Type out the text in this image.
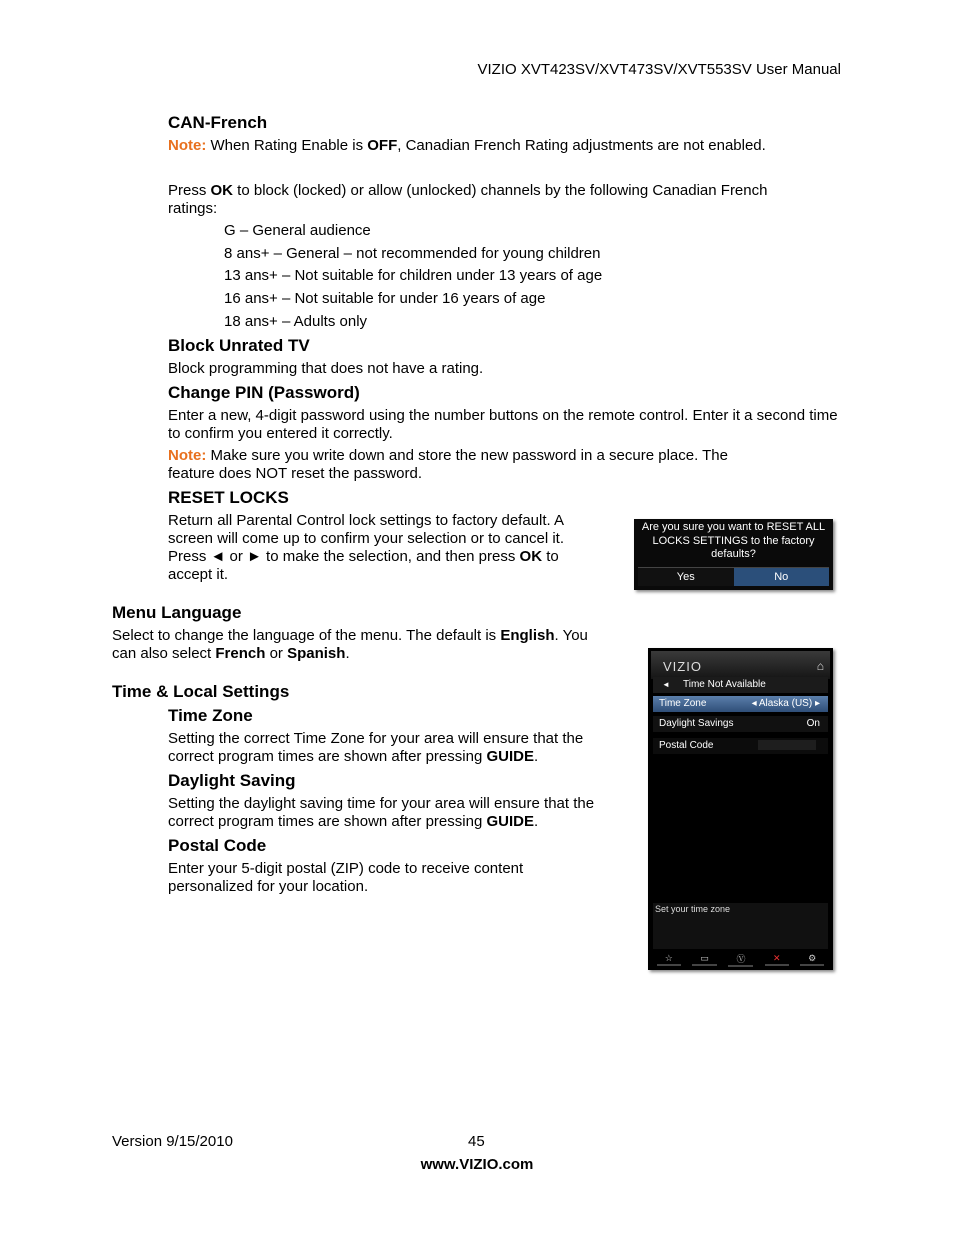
VIZIO XVT423SV/XVT473SV/XVT553SV User Manual
CAN-French

Note: When Rating Enable is OFF, Canadian French Rating adjustments are not enabled.

Press OK to block (locked) or allow (unlocked) channels by the following Canadian French ratings:

G – General audience
8 ans+ – General – not recommended for young children
13 ans+ – Not suitable for children under 13 years of age
16 ans+ – Not suitable for under 16 years of age
18 ans+ – Adults only
Block Unrated TV

Block programming that does not have a rating.

Change PIN (Password)

Enter a new, 4-digit password using the number buttons on the remote control. Enter it a second time to confirm you entered it correctly.

Note: Make sure you write down and store the new password in a secure place. The feature does NOT reset the password.

RESET LOCKS

Return all Parental Control lock settings to factory default. A screen will come up to confirm your selection or to cancel it. Press ◄ or ► to make the selection, and then press OK to accept it.

Are you sure you want to RESET ALL LOCKS SETTINGS to the factory defaults?
Yes	No
Menu Language

Select to change the language of the menu. The default is English. You can also select French or Spanish.

Time & Local Settings
Time Zone

Setting the correct Time Zone for your area will ensure that the correct program times are shown after pressing GUIDE.

Daylight Saving

Setting the daylight saving time for your area will ensure that the correct program times are shown after pressing GUIDE.

Postal Code

Enter your 5-digit postal (ZIP) code to receive content personalized for your location.

VIZIO	⌂
◄ Time Not Available
Time Zone	◂ Alaska (US) ▸
Daylight Savings	On
Postal Code
Set your time zone
☆	▭	Ⓥ	✕	⚙
Version 9/15/2010	45
www.VIZIO.com
